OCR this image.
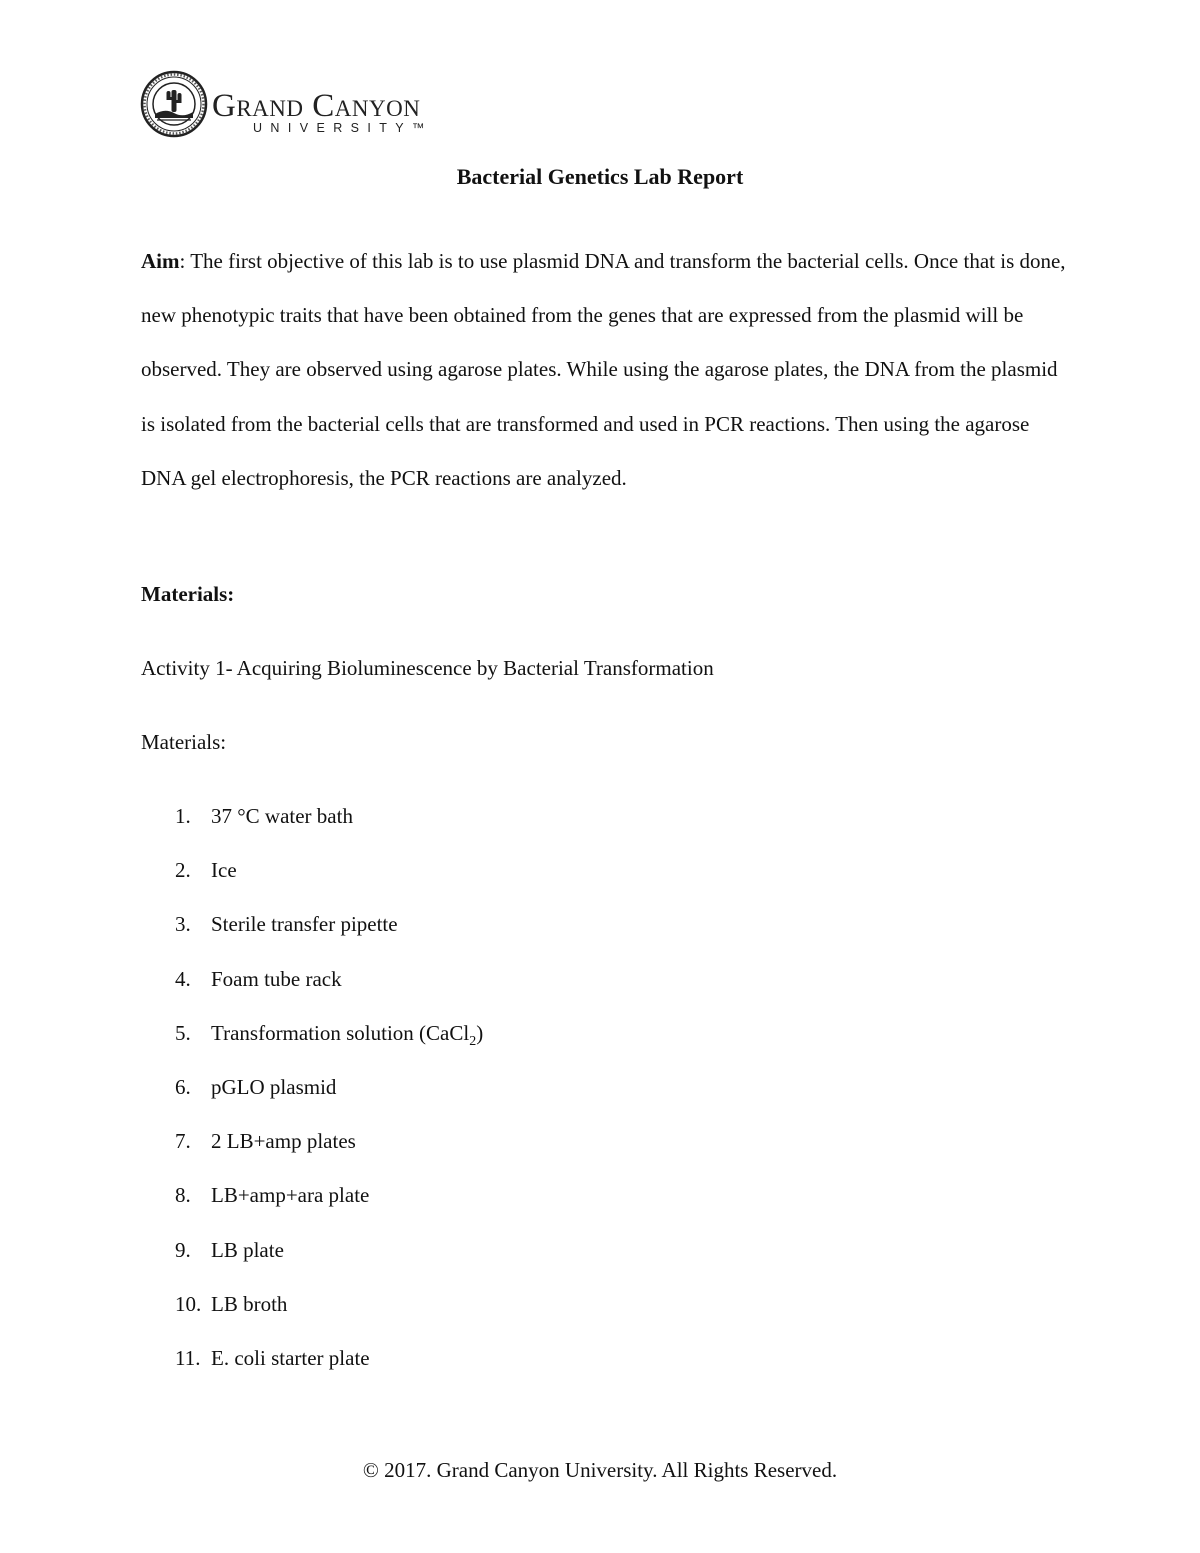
Grand Canyon
UNIVERSITY™
Bacterial Genetics Lab Report

Aim: The first objective of this lab is to use plasmid DNA and transform the bacterial cells. Once that is done, new phenotypic traits that have been obtained from the genes that are expressed from the plasmid will be observed. They are observed using agarose plates. While using the agarose plates, the DNA from the plasmid is isolated from the bacterial cells that are transformed and used in PCR reactions. Then using the agarose DNA gel electrophoresis, the PCR reactions are analyzed.

Materials:
Activity 1- Acquiring Bioluminescence by Bacterial Transformation
Materials:
1. 37 °C water bath
2. Ice
3. Sterile transfer pipette
4. Foam tube rack
5. Transformation solution (CaCl$_2$)
6. pGLO plasmid
7. 2 LB+amp plates
8. LB+amp+ara plate
9. LB plate
10. LB broth
11. E. coli starter plate
© 2017. Grand Canyon University. All Rights Reserved.
